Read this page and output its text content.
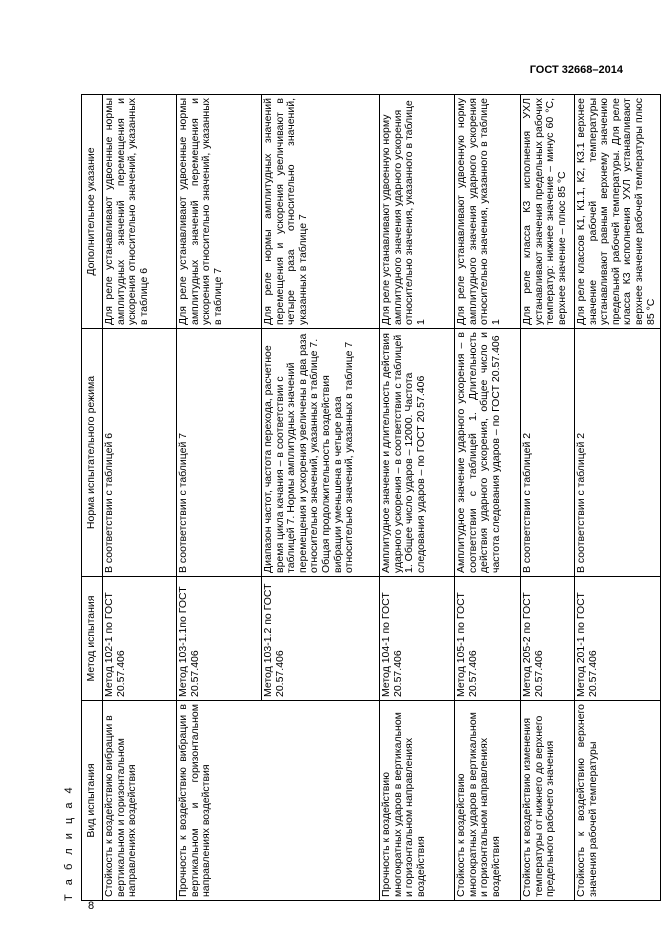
ГОСТ 32668–2014
Т а б л и ц а 4 Вид испытания	Метод испытания	Норма испытательного режима	Дополнительное указание
Стойкость к воздействию вибрации в вертикальном и горизонтальном направлениях воздействия	Метод 102-1 по ГОСТ 20.57.406	В соответствии с таблицей 6	Для реле устанавливают удвоенные нормы амплитудных значений перемещения и ускорения относительно значений, указанных в таблице 6
Прочность к воздействию вибрации в вертикальном и горизонтальном направлениях воздействия	Метод 103-1.1по ГОСТ 20.57.406	В соответствии с таблицей 7	Для реле устанавливают удвоенные нормы амплитудных значений перемещения и ускорения относительно значений, указанных в таблице 7
	Метод 103-1.2 по ГОСТ 20.57.406	Диапазон частот, частота перехода, расчетное время цикла качания – в соответствии с таблицей 7. Нормы амплитудных значений перемещения и ускорения увеличены в два раза относительно значений, указанных в таблице 7. Общая продолжительность воздействия вибрации уменьшена в четыре раза относительно значений, указанных в таблице 7	Для реле нормы амплитудных значений перемещения и ускорения увеличивают в четыре раза относительно значений, указанных в таблице 7
Прочность к воздействию многократных ударов в вертикальном и горизонтальном направлениях воздействия	Метод 104-1 по ГОСТ 20.57.406	Амплитудное значение и длительность действия ударного ускорения – в соответствии с таблицей 1. Общее число ударов – 12000. Частота следования ударов – по ГОСТ 20.57.406	Для реле устанавливают удвоенную норму амплитудного значения ударного ускорения относительно значения, указанного в таблице 1
Стойкость к воздействию многократных ударов в вертикальном и горизонтальном направлениях воздействия	Метод 105-1 по ГОСТ 20.57.406	Амплитудное значение ударного ускорения – в соответствии с таблицей 1. Длительность действия ударного ускорения, общее число и частота следования ударов – по ГОСТ 20.57.406	Для реле устанавливают удвоенную норму амплитудного значения ударного ускорения относительно значения, указанного в таблице 1
Стойкость к воздействию изменения температуры от нижнего до верхнего предельного рабочего значения	Метод 205-2 по ГОСТ 20.57.406	В соответствии с таблицей 2	Для реле класса К3 исполнения УХЛ устанавливают значения предельных рабочих температур: нижнее значение – минус 60 °С, верхнее значение – плюс 85 °С
Стойкость к воздействию верхнего значения рабочей температуры	Метод 201-1 по ГОСТ 20.57.406	В соответствии с таблицей 2	Для реле классов К1, К1.1, К2, К3.1 верхнее значение рабочей температуры устанавливают равным верхнему значению предельной рабочей температуры. Для реле класса К3 исполнения УХЛ устанавливают верхнее значение рабочей температуры плюс 85 °С
8
